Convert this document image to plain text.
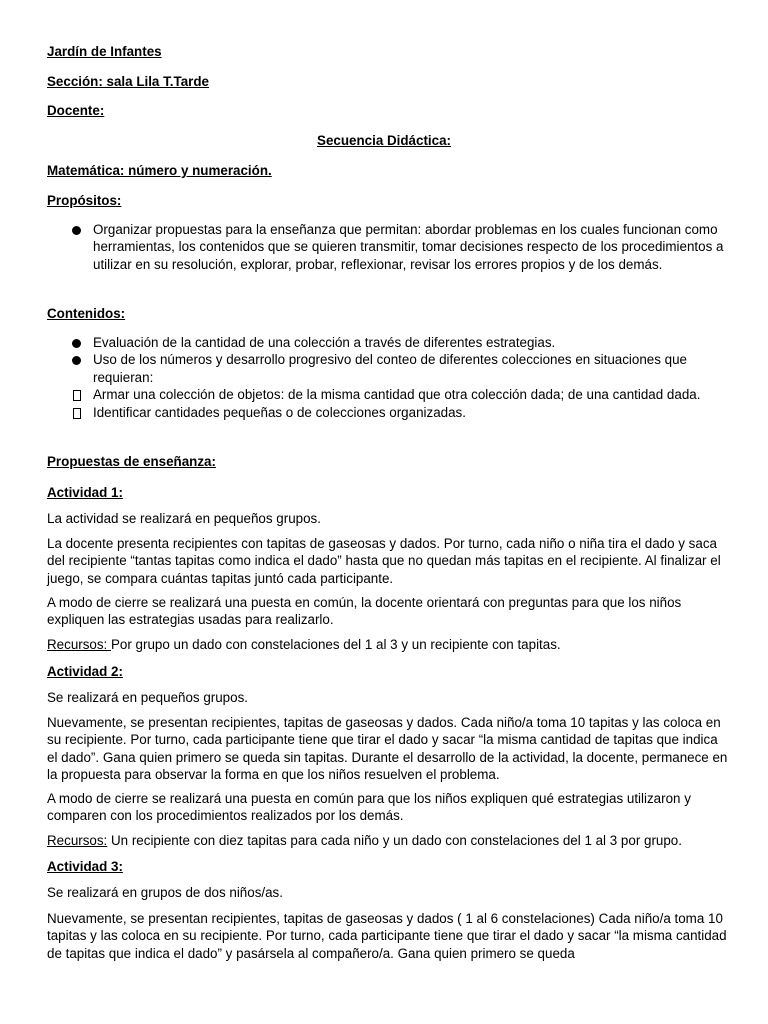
Jardín de Infantes

Sección: sala Lila T.Tarde

Docente:

Secuencia Didáctica:

Matemática: número y numeración.

Propósitos:

Organizar propuestas para la enseñanza que permitan: abordar problemas en los cuales funcionan como herramientas, los contenidos que se quieren transmitir, tomar decisiones respecto de los procedimientos a utilizar en su resolución, explorar, probar, reflexionar, revisar los errores propios y de los demás.

Contenidos:

Evaluación de la cantidad de una colección a través de diferentes estrategias.
Uso de los números y desarrollo progresivo del conteo de diferentes colecciones en situaciones que requieran:
Armar una colección de objetos: de la misma cantidad que otra colección dada; de una cantidad dada.
Identificar cantidades pequeñas o de colecciones organizadas.

Propuestas de enseñanza:

Actividad 1:

La actividad se realizará en pequeños grupos.

La docente presenta recipientes con tapitas de gaseosas y dados. Por turno, cada niño o niña tira el dado y saca del recipiente “tantas tapitas como indica el dado” hasta que no quedan más tapitas en el recipiente. Al finalizar el juego, se compara cuántas tapitas juntó cada participante.

A modo de cierre se realizará una puesta en común, la docente orientará con preguntas para que los niños expliquen las estrategias usadas para realizarlo.

Recursos: Por grupo un dado con constelaciones del 1 al 3 y un recipiente con tapitas.

Actividad 2:

Se realizará en pequeños grupos.

Nuevamente, se presentan recipientes, tapitas de gaseosas y dados. Cada niño/a toma 10 tapitas y las coloca en su recipiente. Por turno, cada participante tiene que tirar el dado y sacar “la misma cantidad de tapitas que indica el dado”. Gana quien primero se queda sin tapitas. Durante el desarrollo de la actividad, la docente, permanece en la propuesta para observar la forma en que los niños resuelven el problema.

A modo de cierre se realizará una puesta en común para que los niños expliquen qué estrategias utilizaron y comparen con los procedimientos realizados por los demás.

Recursos: Un recipiente con diez tapitas para cada niño y un dado con constelaciones del 1 al 3 por grupo.

Actividad 3:

Se realizará en grupos de dos niños/as.

Nuevamente, se presentan recipientes, tapitas de gaseosas y dados ( 1 al 6 constelaciones) Cada niño/a toma 10 tapitas y las coloca en su recipiente. Por turno, cada participante tiene que tirar el dado y sacar “la misma cantidad de tapitas que indica el dado” y pasársela al compañero/a. Gana quien primero se queda
